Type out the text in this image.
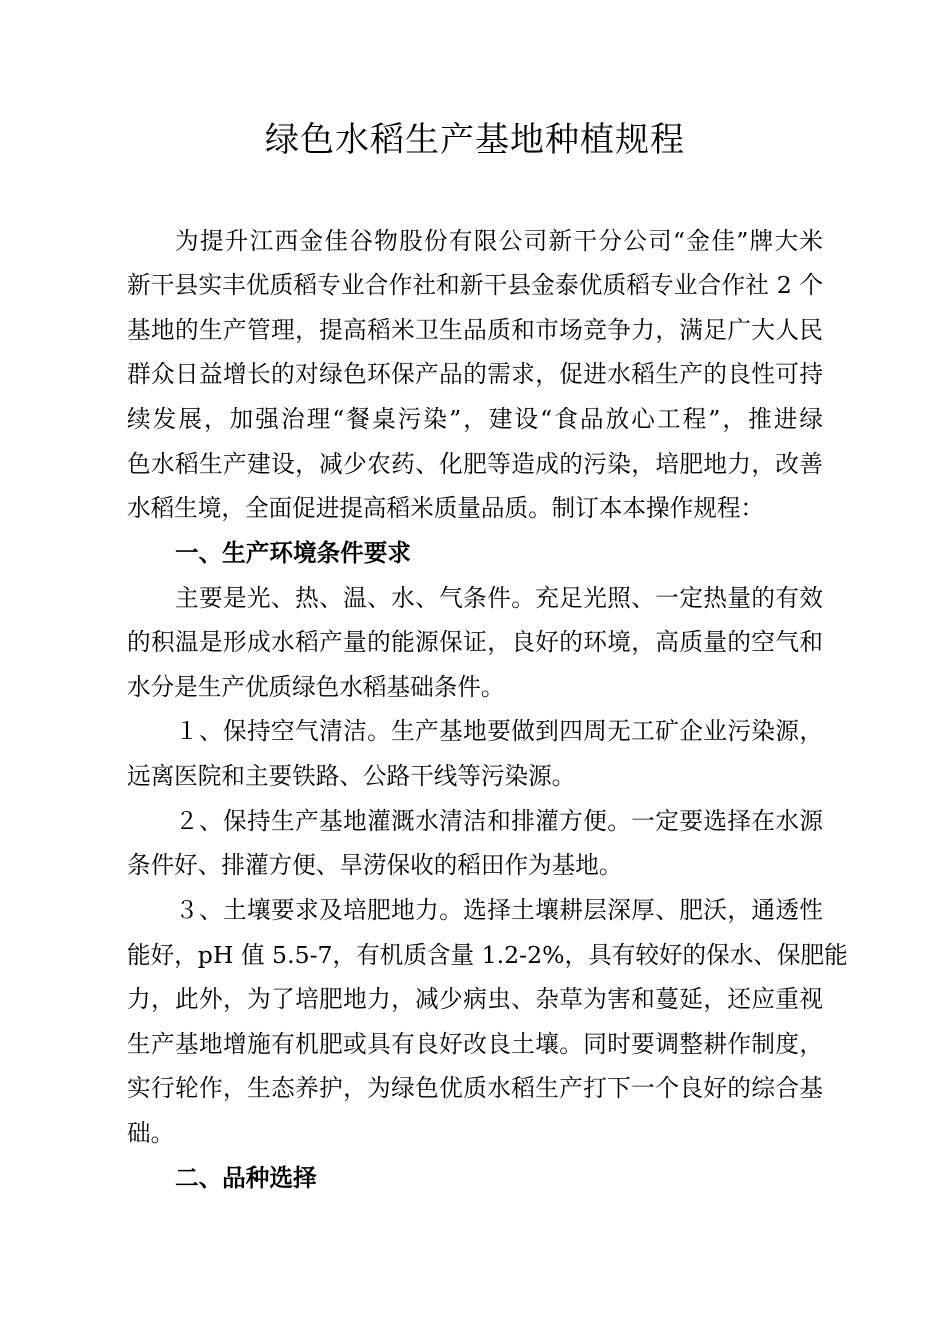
绿色水稻生产基地种植规程
为提升江西金佳谷物股份有限公司新干分公司“金佳”牌大米
新干县实丰优质稻专业合作社和新干县金泰优质稻专业合作社 2 个
基地的生产管理，提高稻米卫生品质和市场竞争力，满足广大人民
群众日益增长的对绿色环保产品的需求，促进水稻生产的良性可持
续发展，加强治理“餐桌污染”，建设“食品放心工程”，推进绿
色水稻生产建设，减少农药、化肥等造成的污染，培肥地力，改善
水稻生境，全面促进提高稻米质量品质。制订本本操作规程：
一、生产环境条件要求
主要是光、热、温、水、气条件。充足光照、一定热量的有效
的积温是形成水稻产量的能源保证，良好的环境，高质量的空气和
水分是生产优质绿色水稻基础条件。
１、保持空气清洁。生产基地要做到四周无工矿企业污染源，
远离医院和主要铁路、公路干线等污染源。
２、保持生产基地灌溉水清洁和排灌方便。一定要选择在水源
条件好、排灌方便、旱涝保收的稻田作为基地。
３、土壤要求及培肥地力。选择土壤耕层深厚、肥沃，通透性
能好，pH 值 5.5-7，有机质含量 1.2-2%，具有较好的保水、保肥能
力，此外，为了培肥地力，减少病虫、杂草为害和蔓延，还应重视
生产基地增施有机肥或具有良好改良土壤。同时要调整耕作制度，
实行轮作，生态养护，为绿色优质水稻生产打下一个良好的综合基
础。
二、品种选择
